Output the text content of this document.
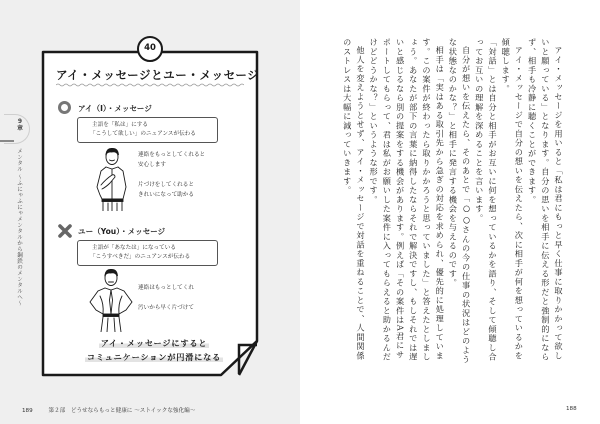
9
章
メンタル ～ふにゃふにゃメンタルから鋼鉄のメンタルへ～
40
アイ・メッセージとユー・メッセージ
アイ（I）・メッセージ
主語を「私は」にする
「こうして欲しい」のニュアンスが伝わる
連絡をもっとしてくれると
安心します
片づけをしてくれると
きれいになって助かる
ユー（You）・メッセージ
主語が「あなたは」になっている
「こうすべきだ」のニュアンスが伝わる
連絡はもっとしてくれ
汚いから早く片づけて
アイ・メッセージにすると
コミュニケーションが円滑になる
189	第２部　どうせならもっと健康に ～ストイックな強化編～

アイ・メッセージを用いると「私は君にもっと早く仕事に取りかかって欲しいと願っている」となります。自分の思いを相手に伝える形だと強制的にならず、相手も冷静に聴くことができます。

アイ・メッセージで自分の想いを伝えたら、次に相手が何を想っているかを傾聴します。

「対話」とは自分と相手がお互いに何を想っているかを語り、そして傾聴し合ってお互いの理解を深めることを言います。

自分が想いを伝えたら、そのあとで「○○さんの今の仕事の状況はどのような状態なのかな？」と相手に発言する機会を与えるのです。

相手は「実はある取引先から急ぎの対応を求められ、優先的に処理しています。この案件が終わったら取りかかろうと思っていました」と答えたとしましょう。あなたが部下の言葉に納得したならそれで解決ですし、もしそれでは遅いと感じるなら別の提案をする機会があります。例えば「その案件はA君にサポートしてもらって、君は私がお願いした案件に入ってもらえると助かるんだけどどうかな？」というような形です。

他人を変えようとせず、アイ・メッセージで対話を重ねることで、人間関係のストレスは大幅に減っていきます。

188
